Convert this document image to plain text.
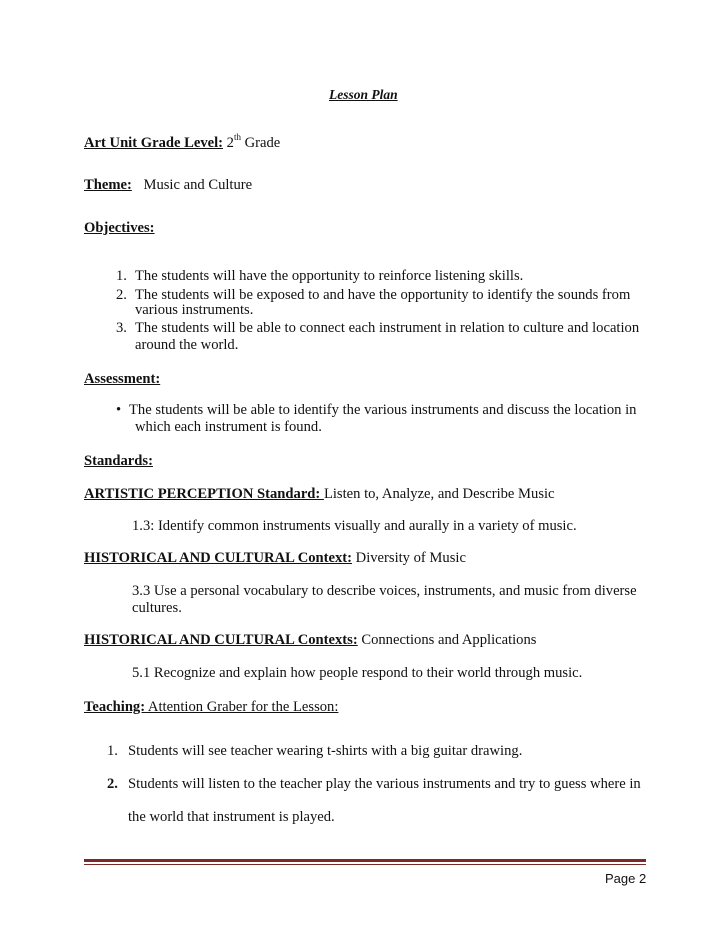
Lesson Plan
Art Unit Grade Level: 2th Grade
Theme: Music and Culture
Objectives:
1. The students will have the opportunity to reinforce listening skills.
2. The students will be exposed to and have the opportunity to identify the sounds from
various instruments.
3. The students will be able to connect each instrument in relation to culture and location
around the world.
Assessment:
• The students will be able to identify the various instruments and discuss the location in
which each instrument is found.
Standards:
ARTISTIC PERCEPTION Standard: Listen to, Analyze, and Describe Music
1.3: Identify common instruments visually and aurally in a variety of music.
HISTORICAL AND CULTURAL Context: Diversity of Music
3.3 Use a personal vocabulary to describe voices, instruments, and music from diverse
cultures.
HISTORICAL AND CULTURAL Contexts: Connections and Applications
5.1 Recognize and explain how people respond to their world through music.
Teaching: Attention Graber for the Lesson:
1. Students will see teacher wearing t-shirts with a big guitar drawing.
2. Students will listen to the teacher play the various instruments and try to guess where in
the world that instrument is played.
Page 2
